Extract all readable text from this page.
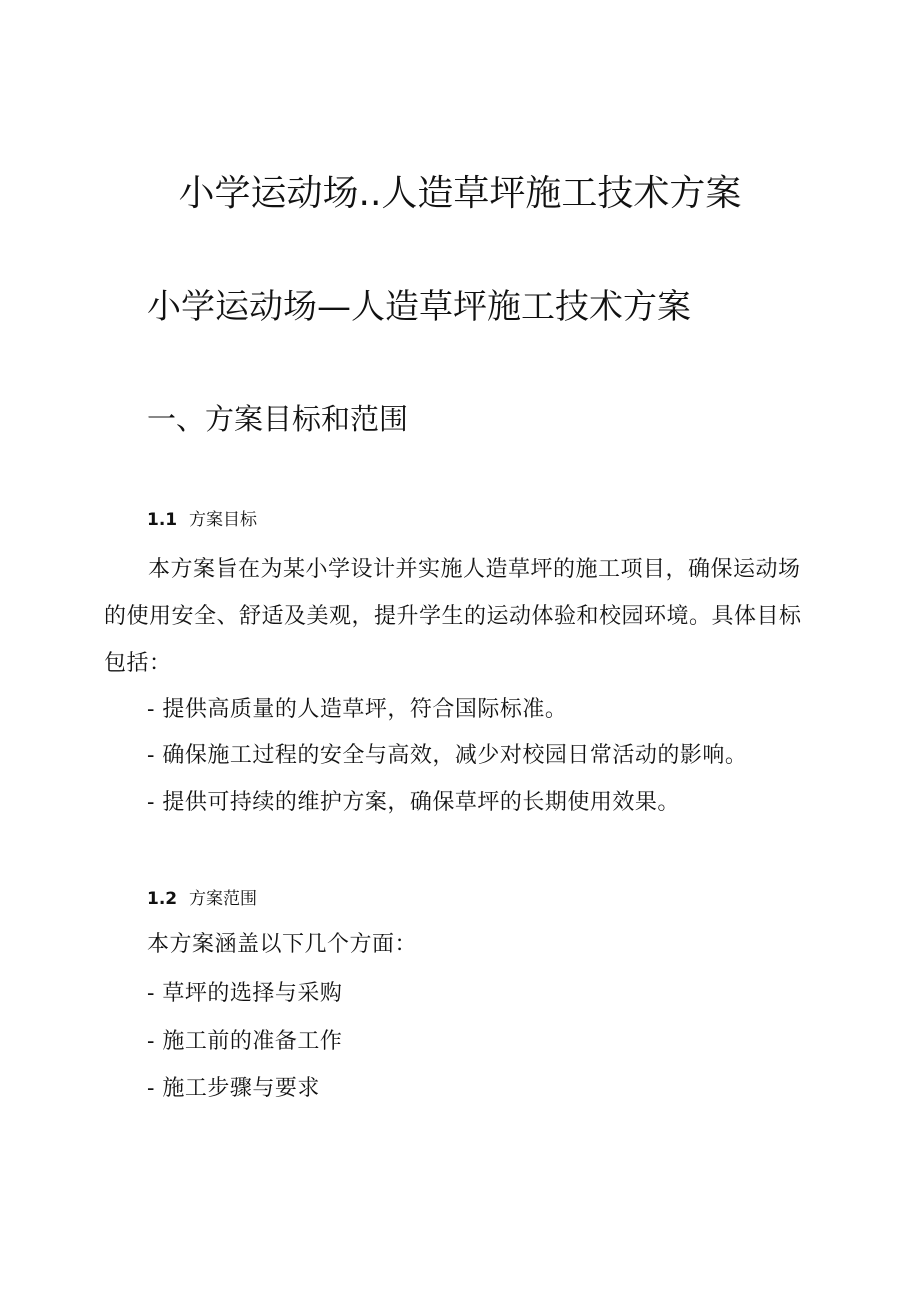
小学运动场..人造草坪施工技术方案
小学运动场—人造草坪施工技术方案
一、方案目标和范围
1.1 方案目标

本方案旨在为某小学设计并实施人造草坪的施工项目，确保运动场的使用安全、舒适及美观，提升学生的运动体验和校园环境。具体目标包括：

- 提供高质量的人造草坪，符合国际标准。
- 确保施工过程的安全与高效，减少对校园日常活动的影响。
- 提供可持续的维护方案，确保草坪的长期使用效果。
1.2 方案范围
本方案涵盖以下几个方面：
- 草坪的选择与采购
- 施工前的准备工作
- 施工步骤与要求
